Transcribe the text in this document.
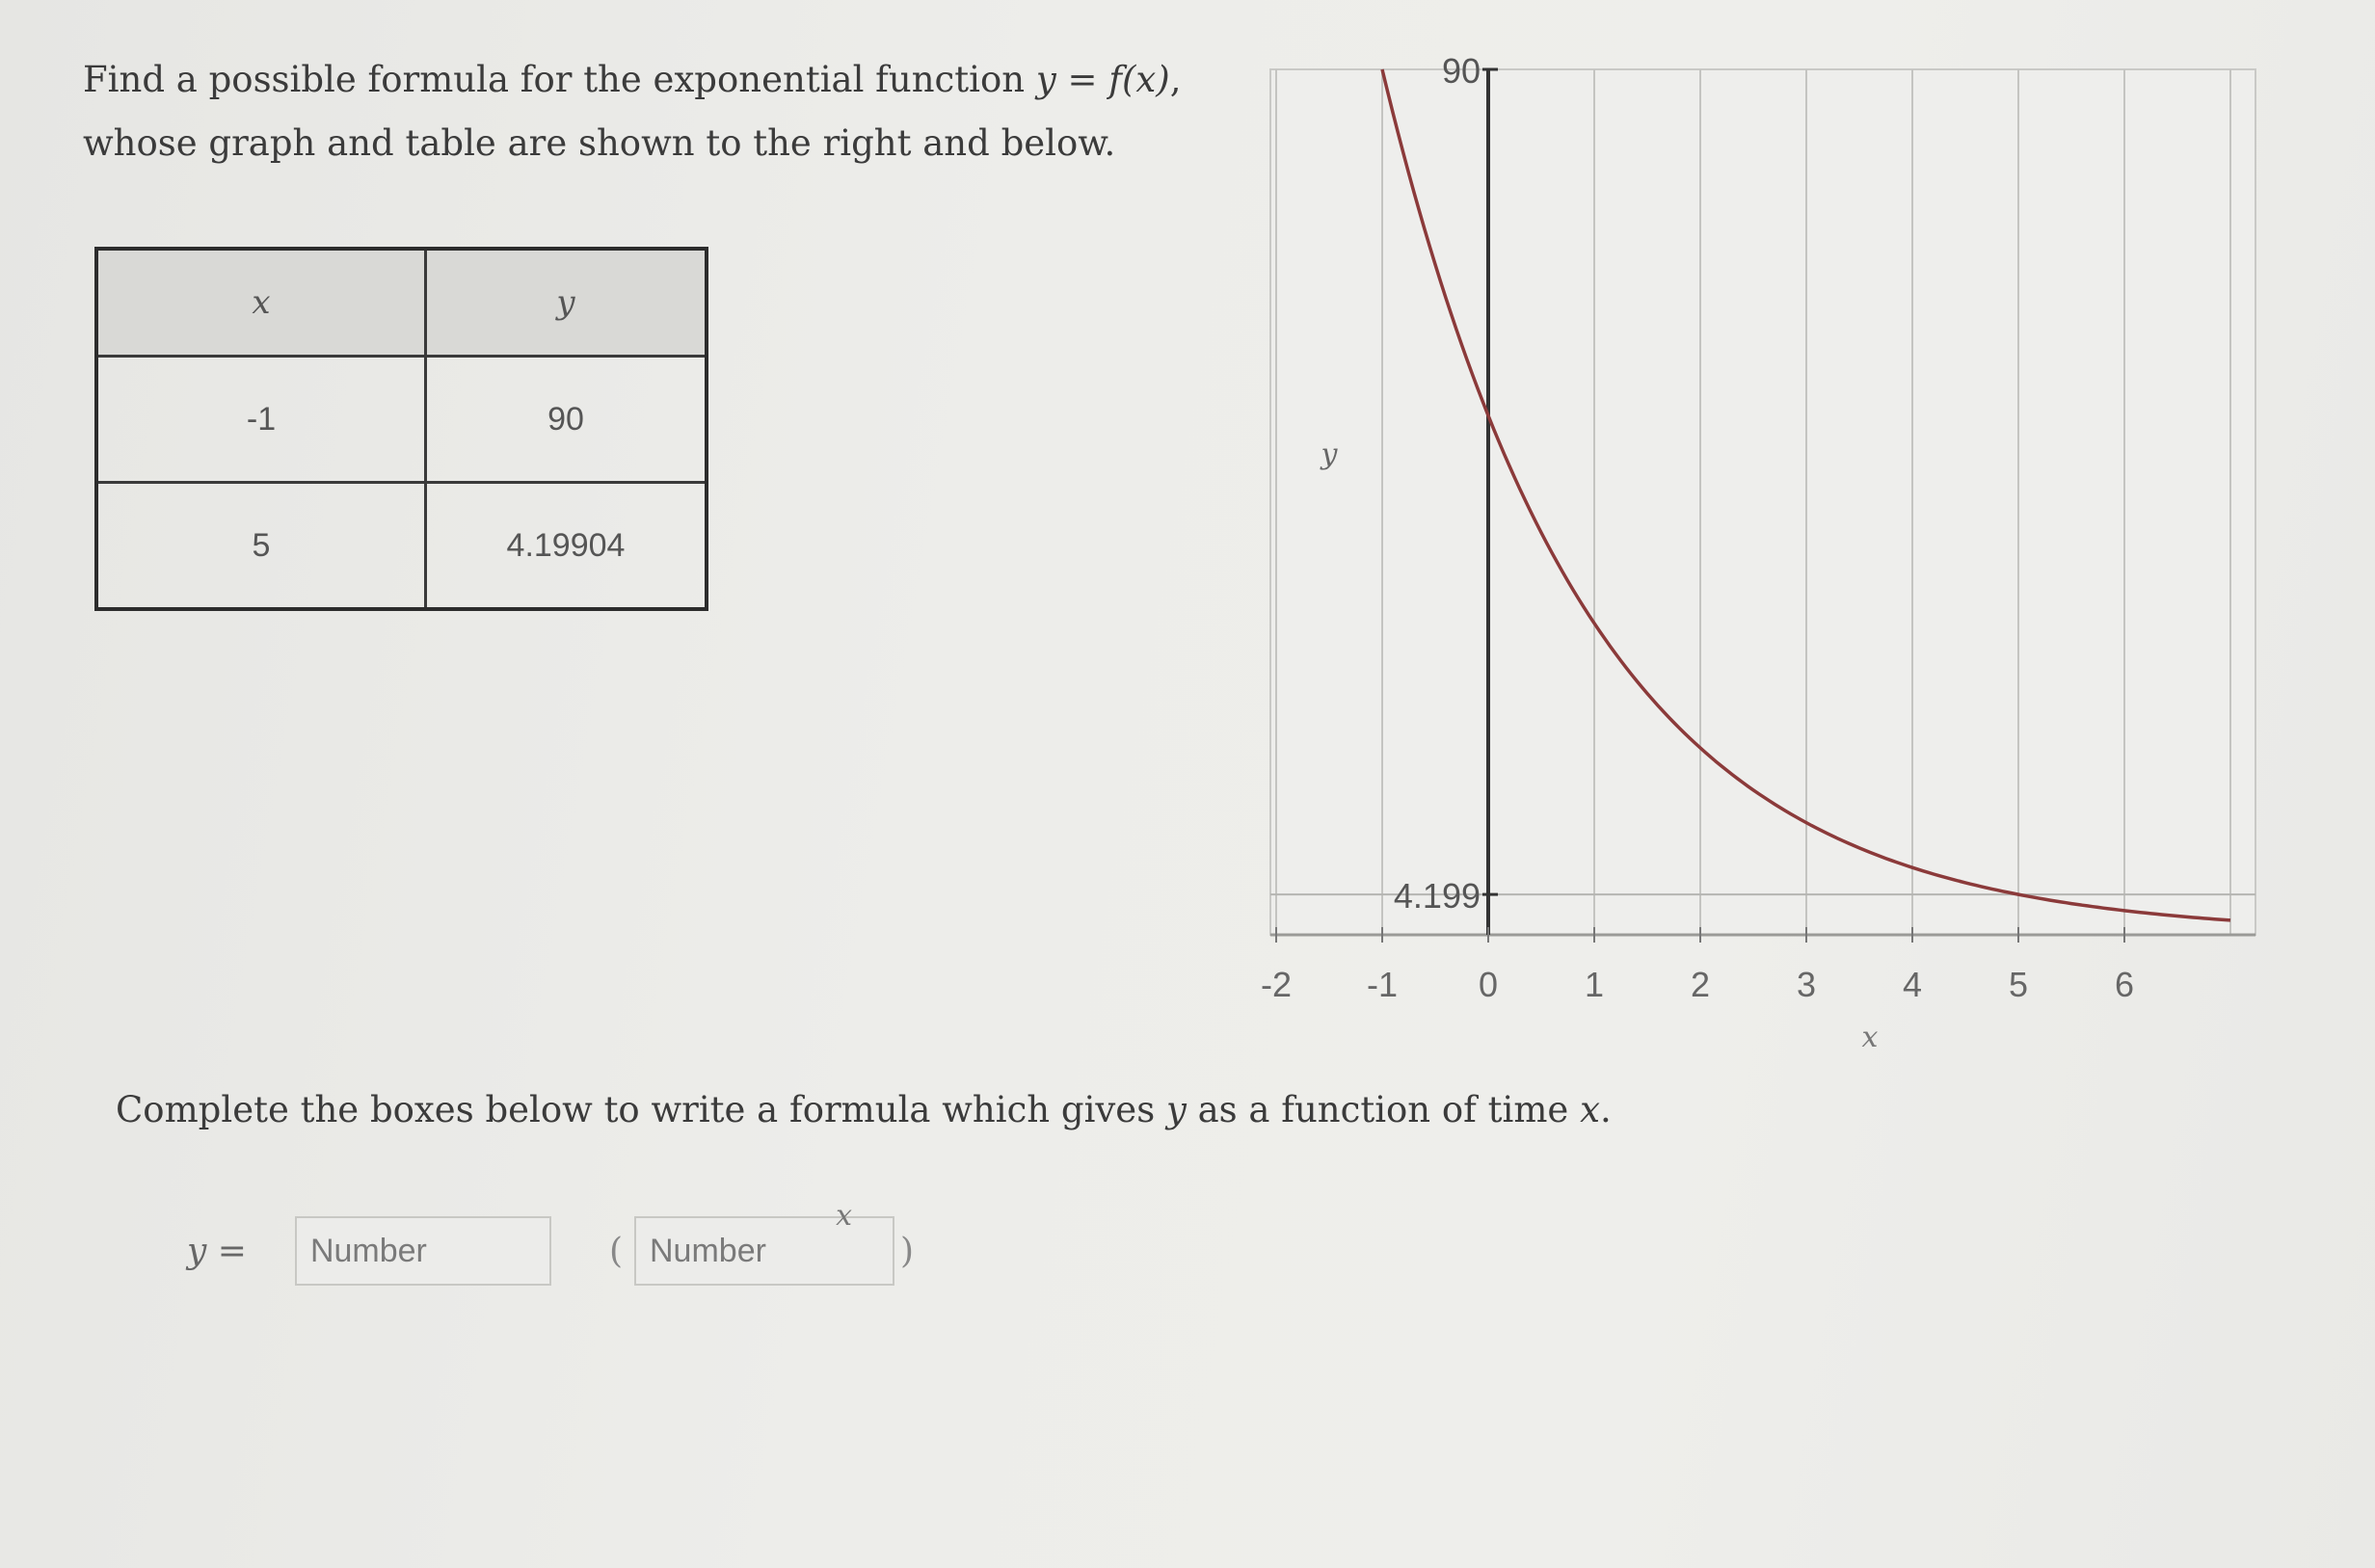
Find a possible formula for the exponential function y = f(x), whose graph and table are shown to the right and below.
x	y
-1	90
5	4.19904
90
4.199
-2 -1 0 1 2 3 4 5 6
x
y
Complete the boxes below to write a formula which gives y as a function of time x.
y =
Number	(
Number
x
)
